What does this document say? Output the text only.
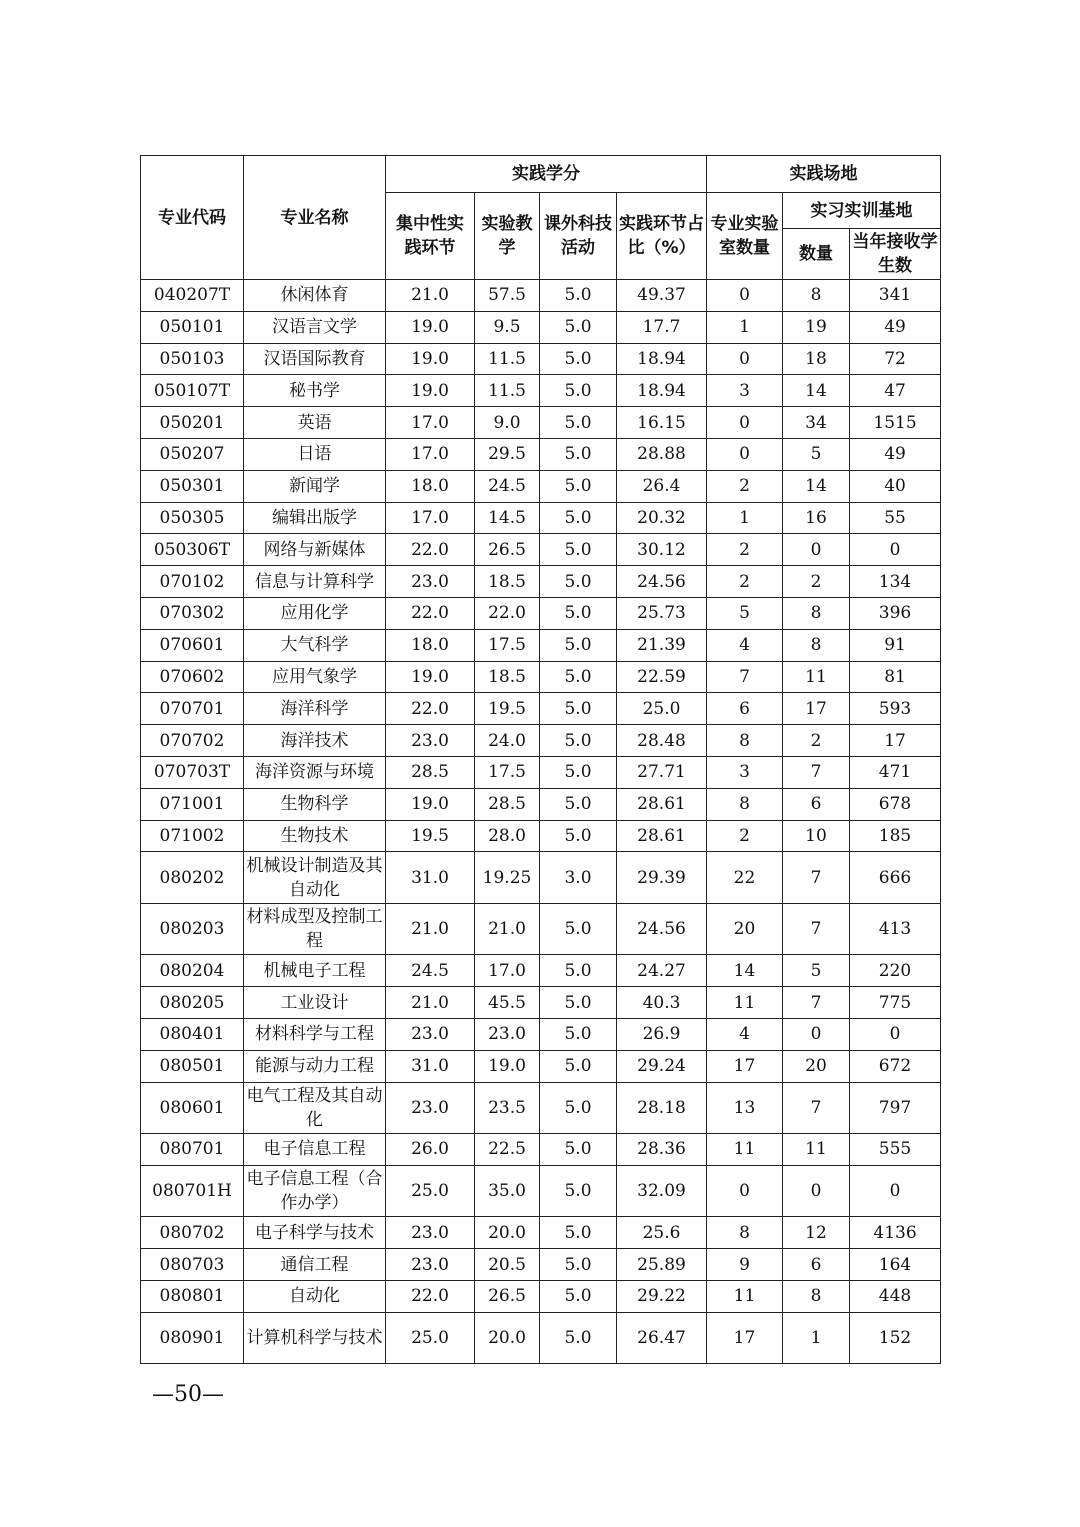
专业代码	专业名称	实践学分				实践场地		
		集中性实践环节	实验教学	课外科技活动	实践环节占比（%）	专业实验室数量	实习实训基地	
							数量	当年接收学生数
040207T	休闲体育	21.0	57.5	5.0	49.37	0	8	341
050101	汉语言文学	19.0	9.5	5.0	17.7	1	19	49
050103	汉语国际教育	19.0	11.5	5.0	18.94	0	18	72
050107T	秘书学	19.0	11.5	5.0	18.94	3	14	47
050201	英语	17.0	9.0	5.0	16.15	0	34	1515
050207	日语	17.0	29.5	5.0	28.88	0	5	49
050301	新闻学	18.0	24.5	5.0	26.4	2	14	40
050305	编辑出版学	17.0	14.5	5.0	20.32	1	16	55
050306T	网络与新媒体	22.0	26.5	5.0	30.12	2	0	0
070102	信息与计算科学	23.0	18.5	5.0	24.56	2	2	134
070302	应用化学	22.0	22.0	5.0	25.73	5	8	396
070601	大气科学	18.0	17.5	5.0	21.39	4	8	91
070602	应用气象学	19.0	18.5	5.0	22.59	7	11	81
070701	海洋科学	22.0	19.5	5.0	25.0	6	17	593
070702	海洋技术	23.0	24.0	5.0	28.48	8	2	17
070703T	海洋资源与环境	28.5	17.5	5.0	27.71	3	7	471
071001	生物科学	19.0	28.5	5.0	28.61	8	6	678
071002	生物技术	19.5	28.0	5.0	28.61	2	10	185
080202	机械设计制造及其自动化	31.0	19.25	3.0	29.39	22	7	666
080203	材料成型及控制工程	21.0	21.0	5.0	24.56	20	7	413
080204	机械电子工程	24.5	17.0	5.0	24.27	14	5	220
080205	工业设计	21.0	45.5	5.0	40.3	11	7	775
080401	材料科学与工程	23.0	23.0	5.0	26.9	4	0	0
080501	能源与动力工程	31.0	19.0	5.0	29.24	17	20	672
080601	电气工程及其自动化	23.0	23.5	5.0	28.18	13	7	797
080701	电子信息工程	26.0	22.5	5.0	28.36	11	11	555
080701H	电子信息工程（合作办学）	25.0	35.0	5.0	32.09	0	0	0
080702	电子科学与技术	23.0	20.0	5.0	25.6	8	12	4136
080703	通信工程	23.0	20.5	5.0	25.89	9	6	164
080801	自动化	22.0	26.5	5.0	29.22	11	8	448
080901	计算机科学与技术	25.0	20.0	5.0	26.47	17	1	152
—50—
